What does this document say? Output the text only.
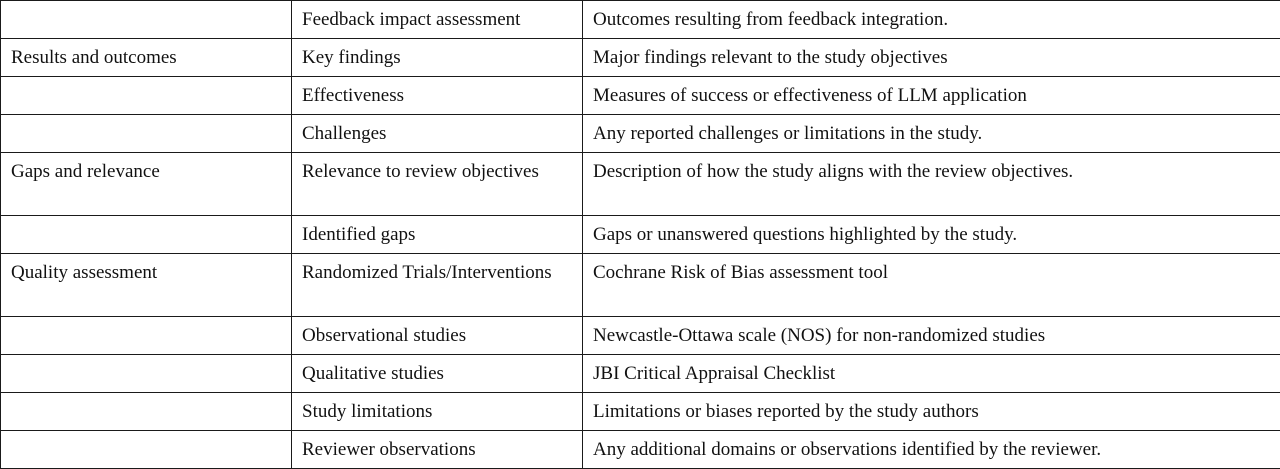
	Feedback impact assessment	Outcomes resulting from feedback integration.
Results and outcomes	Key findings	Major findings relevant to the study objectives
	Effectiveness	Measures of success or effectiveness of LLM application
	Challenges	Any reported challenges or limitations in the study.
Gaps and relevance	Relevance to review objectives	Description of how the study aligns with the review objectives.
	Identified gaps	Gaps or unanswered questions highlighted by the study.
Quality assessment	Randomized Trials/Interventions	Cochrane Risk of Bias assessment tool
	Observational studies	Newcastle-Ottawa scale (NOS) for non-randomized studies
	Qualitative studies	JBI Critical Appraisal Checklist
	Study limitations	Limitations or biases reported by the study authors
	Reviewer observations	Any additional domains or observations identified by the reviewer.
